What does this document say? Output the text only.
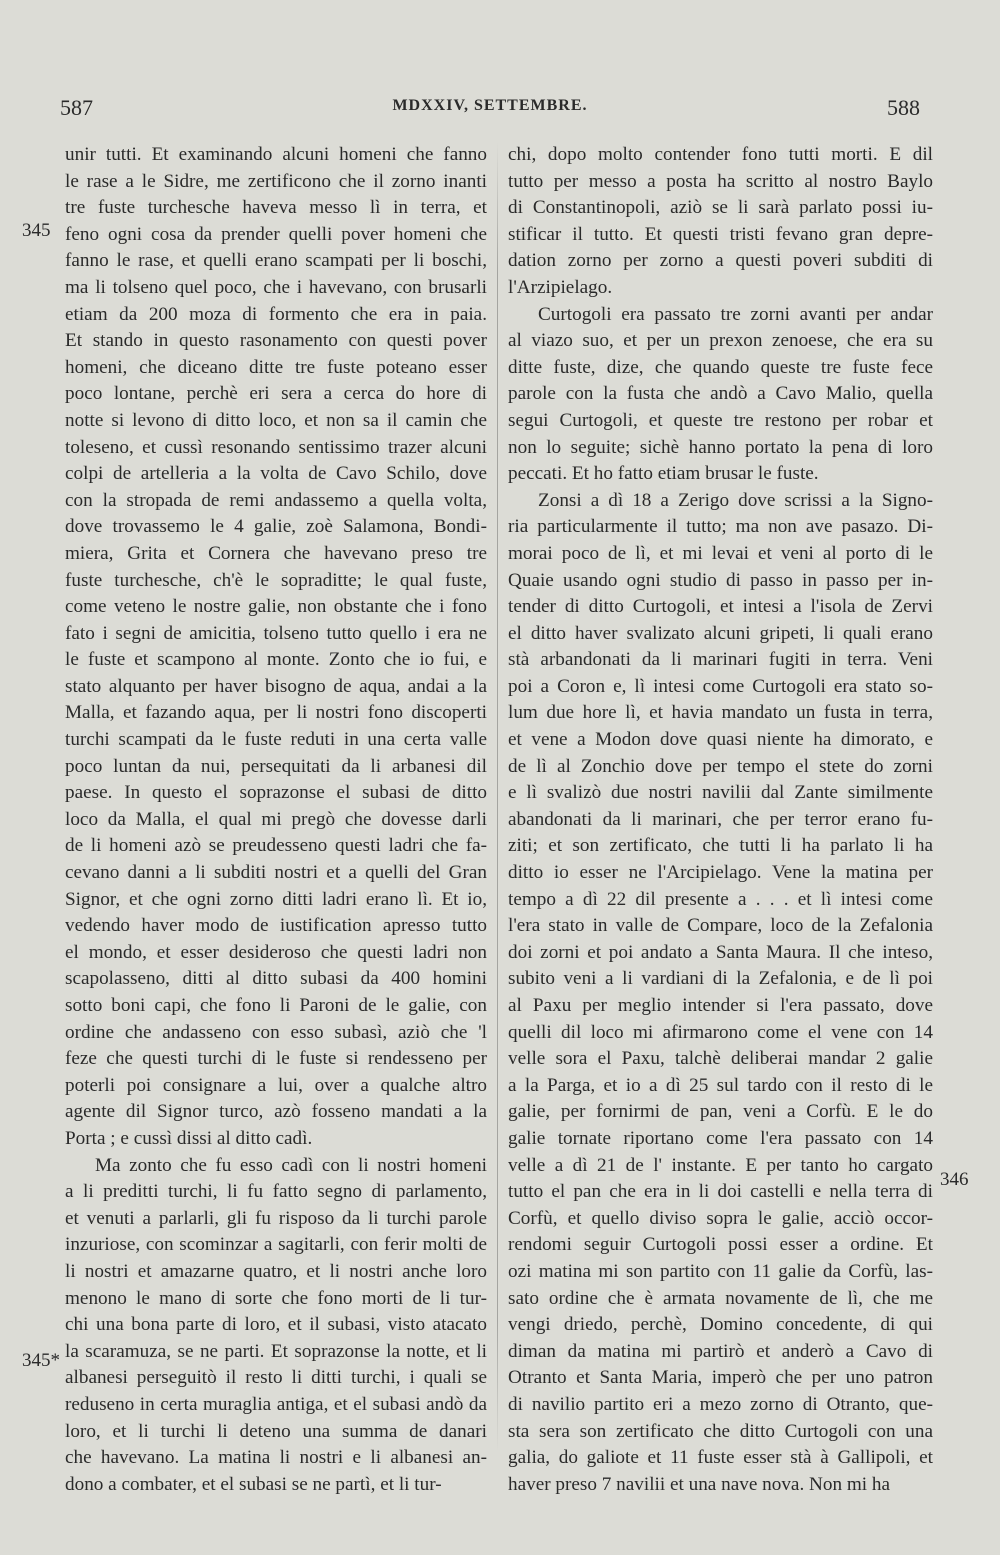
587	MDXXIV, SETTEMBRE.	588
345
345*
346
unir tutti. Et examinando alcuni homeni che fanno
le rase a le Sidre, me zertificono che il zorno inanti
tre fuste turchesche haveva messo lì in terra, et
feno ogni cosa da prender quelli pover homeni che
fanno le rase, et quelli erano scampati per li boschi,
ma li tolseno quel poco, che i havevano, con brusarli
etiam da 200 moza di formento che era in paia.
Et stando in questo rasonamento con questi pover
homeni, che diceano ditte tre fuste poteano esser
poco lontane, perchè eri sera a cerca do hore di
notte si levono di ditto loco, et non sa il camin che
toleseno, et cussì resonando sentissimo trazer alcuni
colpi de artelleria a la volta de Cavo Schilo, dove
con la stropada de remi andassemo a quella volta,
dove trovassemo le 4 galie, zoè Salamona, Bondi-
miera, Grita et Cornera che havevano preso tre
fuste turchesche, ch'è le sopraditte; le qual fuste,
come veteno le nostre galie, non obstante che i fono
fato i segni de amicitia, tolseno tutto quello i era ne
le fuste et scampono al monte. Zonto che io fui, e
stato alquanto per haver bisogno de aqua, andai a la
Malla, et fazando aqua, per li nostri fono discoperti
turchi scampati da le fuste reduti in una certa valle
poco luntan da nui, persequitati da li arbanesi dil
paese. In questo el soprazonse el subasi de ditto
loco da Malla, el qual mi pregò che dovesse darli
de li homeni azò se preudesseno questi ladri che fa-
cevano danni a li subditi nostri et a quelli del Gran
Signor, et che ogni zorno ditti ladri erano lì. Et io,
vedendo haver modo de iustification apresso tutto
el mondo, et esser desideroso che questi ladri non
scapolasseno, ditti al ditto subasi da 400 homini
sotto boni capi, che fono li Paroni de le galie, con
ordine che andasseno con esso subasì, aziò che 'l
feze che questi turchi di le fuste si rendesseno per
poterli poi consignare a lui, over a qualche altro
agente dil Signor turco, azò fosseno mandati a la
Porta ; e cussì dissi al ditto cadì.
Ma zonto che fu esso cadì con li nostri homeni
a li preditti turchi, li fu fatto segno di parlamento,
et venuti a parlarli, gli fu risposo da li turchi parole
inzuriose, con scominzar a sagitarli, con ferir molti de
li nostri et amazarne quatro, et li nostri anche loro
menono le mano di sorte che fono morti de li tur-
chi una bona parte di loro, et il subasi, visto atacato
la scaramuza, se ne parti. Et soprazonse la notte, et li
albanesi perseguitò il resto li ditti turchi, i quali se
reduseno in certa muraglia antiga, et el subasi andò da
loro, et li turchi li deteno una summa de danari
che havevano. La matina li nostri e li albanesi an-
dono a combater, et el subasi se ne partì, et li tur-
chi, dopo molto contender fono tutti morti. E dil
tutto per messo a posta ha scritto al nostro Baylo
di Constantinopoli, aziò se li sarà parlato possi iu-
stificar il tutto. Et questi tristi fevano gran depre-
dation zorno per zorno a questi poveri subditi di
l'Arzipielago.
Curtogoli era passato tre zorni avanti per andar
al viazo suo, et per un prexon zenoese, che era su
ditte fuste, dize, che quando queste tre fuste fece
parole con la fusta che andò a Cavo Malio, quella
segui Curtogoli, et queste tre restono per robar et
non lo seguite; sichè hanno portato la pena di loro
peccati. Et ho fatto etiam brusar le fuste.
Zonsi a dì 18 a Zerigo dove scrissi a la Signo-
ria particularmente il tutto; ma non ave pasazo. Di-
morai poco de lì, et mi levai et veni al porto di le
Quaie usando ogni studio di passo in passo per in-
tender di ditto Curtogoli, et intesi a l'isola de Zervi
el ditto haver svalizato alcuni gripeti, li quali erano
stà arbandonati da li marinari fugiti in terra. Veni
poi a Coron e, lì intesi come Curtogoli era stato so-
lum due hore lì, et havia mandato un fusta in terra,
et vene a Modon dove quasi niente ha dimorato, e
de lì al Zonchio dove per tempo el stete do zorni
e lì svalizò due nostri navilii dal Zante similmente
abandonati da li marinari, che per terror erano fu-
ziti; et son zertificato, che tutti li ha parlato li ha
ditto io esser ne l'Arcipielago. Vene la matina per
tempo a dì 22 dil presente a . . . et lì intesi come
l'era stato in valle de Compare, loco de la Zefalonia
doi zorni et poi andato a Santa Maura. Il che inteso,
subito veni a li vardiani di la Zefalonia, e de lì poi
al Paxu per meglio intender si l'era passato, dove
quelli dil loco mi afirmarono come el vene con 14
velle sora el Paxu, talchè deliberai mandar 2 galie
a la Parga, et io a dì 25 sul tardo con il resto di le
galie, per fornirmi de pan, veni a Corfù. E le do
galie tornate riportano come l'era passato con 14
velle a dì 21 de l' instante. E per tanto ho cargato
tutto el pan che era in li doi castelli e nella terra di
Corfù, et quello diviso sopra le galie, acciò occor-
rendomi seguir Curtogoli possi esser a ordine. Et
ozi matina mi son partito con 11 galie da Corfù, las-
sato ordine che è armata novamente de lì, che me
vengi driedo, perchè, Domino concedente, di qui
diman da matina mi partirò et anderò a Cavo di
Otranto et Santa Maria, imperò che per uno patron
di navilio partito eri a mezo zorno di Otranto, que-
sta sera son zertificato che ditto Curtogoli con una
galia, do galiote et 11 fuste esser stà à Gallipoli, et
haver preso 7 navilii et una nave nova. Non mi ha
